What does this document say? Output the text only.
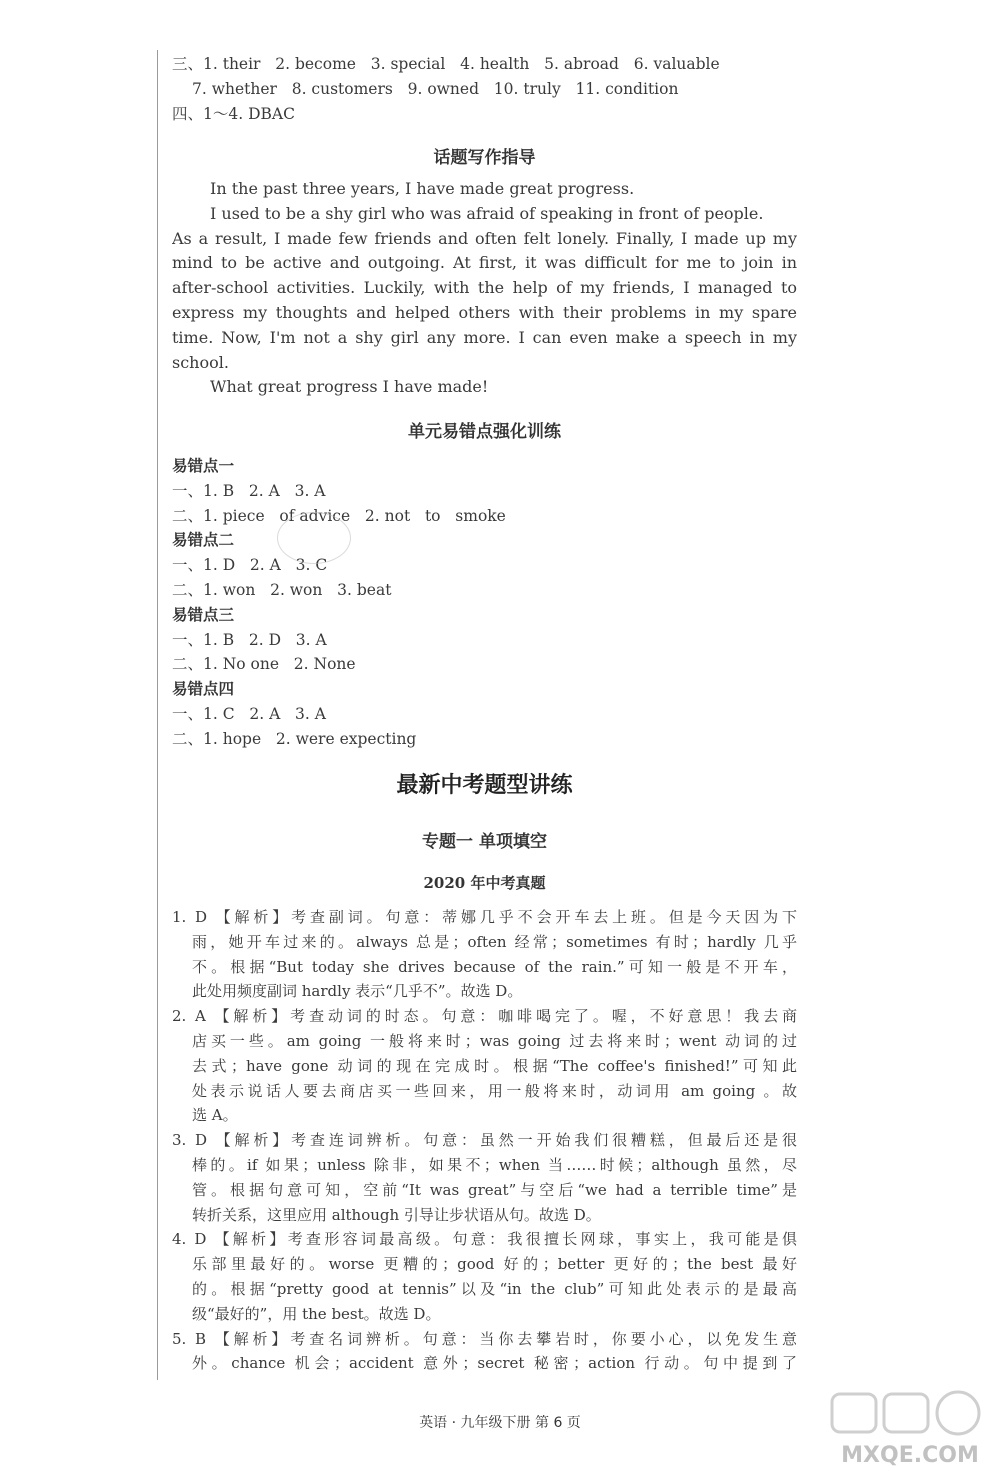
三、1. their   2. become   3. special   4. health   5. abroad   6. valuable
7. whether   8. customers   9. owned   10. truly   11. condition
四、1～4. DBAC
话题写作指导
In the past three years, I have made great progress.
I used to be a shy girl who was afraid of speaking in front of people.
As a result, I made few friends and often felt lonely. Finally, I made up my
mind to be active and outgoing. At first, it was difficult for me to join in
after-school activities. Luckily, with the help of my friends, I managed to
express my thoughts and helped others with their problems in my spare
time. Now, I'm not a shy girl any more. I can even make a speech in my
school.
What great progress I have made!
单元易错点强化训练
易错点一
一、1. B   2. A   3. A
二、1. piece   of advice   2. not   to   smoke
易错点二
一、1. D   2. A   3. C
二、1. won   2. won   3. beat
易错点三
一、1. B   2. D   3. A
二、1. No one   2. None
易错点四
一、1. C   2. A   3. A
二、1. hope   2. were expecting
最新中考题型讲练
专题一 单项填空
2020 年中考真题
1. D 【解析】考查副词。句意：蒂娜几乎不会开车去上班。但是今天因为下
雨，她开车过来的。always 总是；often 经常；sometimes 有时；hardly 几乎
不。根据“But today she drives because of the rain.”可知一般是不开车，
此处用频度副词 hardly 表示“几乎不”。故选 D。
2. A 【解析】考查动词的时态。句意：咖啡喝完了。喔，不好意思！我去商
店买一些。am going 一般将来时；was going 过去将来时；went 动词的过
去式；have gone 动词的现在完成时。根据“The coffee's finished!”可知此
处表示说话人要去商店买一些回来，用一般将来时，动词用 am going 。故
选 A。
3. D 【解析】考查连词辨析。句意：虽然一开始我们很糟糕，但最后还是很
棒的。if 如果；unless 除非，如果不；when 当……时候；although 虽然，尽
管。根据句意可知，空前“It was great”与空后“we had a terrible time”是
转折关系，这里应用 although 引导让步状语从句。故选 D。
4. D 【解析】考查形容词最高级。句意：我很擅长网球，事实上，我可能是俱
乐部里最好的。worse 更糟的；good 好的；better 更好的；the best 最好
的。根据“pretty good at tennis”以及“in the club”可知此处表示的是最高
级“最好的”，用 the best。故选 D。
5. B 【解析】考查名词辨析。句意：当你去攀岩时，你要小心，以免发生意
外。chance 机会；accident 意外；secret 秘密；action 行动。句中提到了
英语 · 九年级下册 第 6 页
MXQE.COM
